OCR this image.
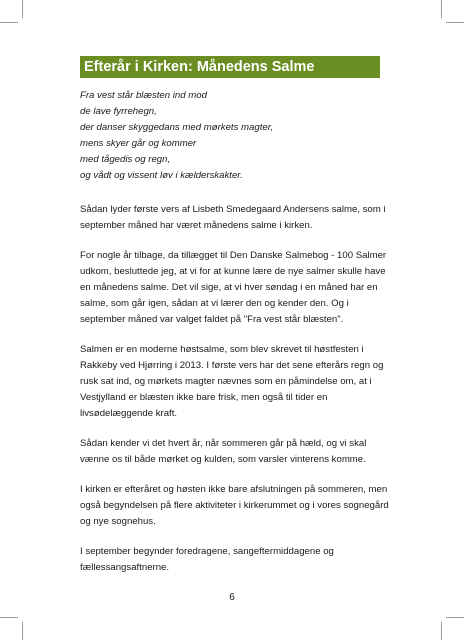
Efterår i Kirken: Månedens Salme
Fra vest står blæsten ind mod
de lave fyrrehegn,
der danser skyggedans med mørkets magter,
mens skyer går og kommer
med tågedis og regn,
og vådt og vissent løv i kælderskakter.

Sådan lyder første vers af Lisbeth Smedegaard Andersens salme, som i september måned har været månedens salme i kirken.

For nogle år tilbage, da tillægget til Den Danske Salmebog - 100 Salmer udkom, besluttede jeg, at vi for at kunne lære de nye salmer skulle have en månedens salme. Det vil sige, at vi hver søndag i en måned har en salme, som går igen, sådan at vi lærer den og kender den. Og i september måned var valget faldet på "Fra vest står blæsten".

Salmen er en moderne høstsalme, som blev skrevet til høstfesten i Rakkeby ved Hjørring i 2013. I første vers har det sene efterårs regn og rusk sat ind, og mørkets magter nævnes som en påmindelse om, at i Vestjylland er blæsten ikke bare frisk, men også til tider en livsødelæggende kraft.

Sådan kender vi det hvert år, når sommeren går på hæld, og vi skal vænne os til både mørket og kulden, som varsler vinterens komme.

I kirken er efteråret og høsten ikke bare afslutningen på sommeren, men også begyndelsen på flere aktiviteter i kirkerummet og i vores sognegård og nye sognehus.

I september begynder foredragene, sangeftermiddagene og fællessangsaftnerne.

6
